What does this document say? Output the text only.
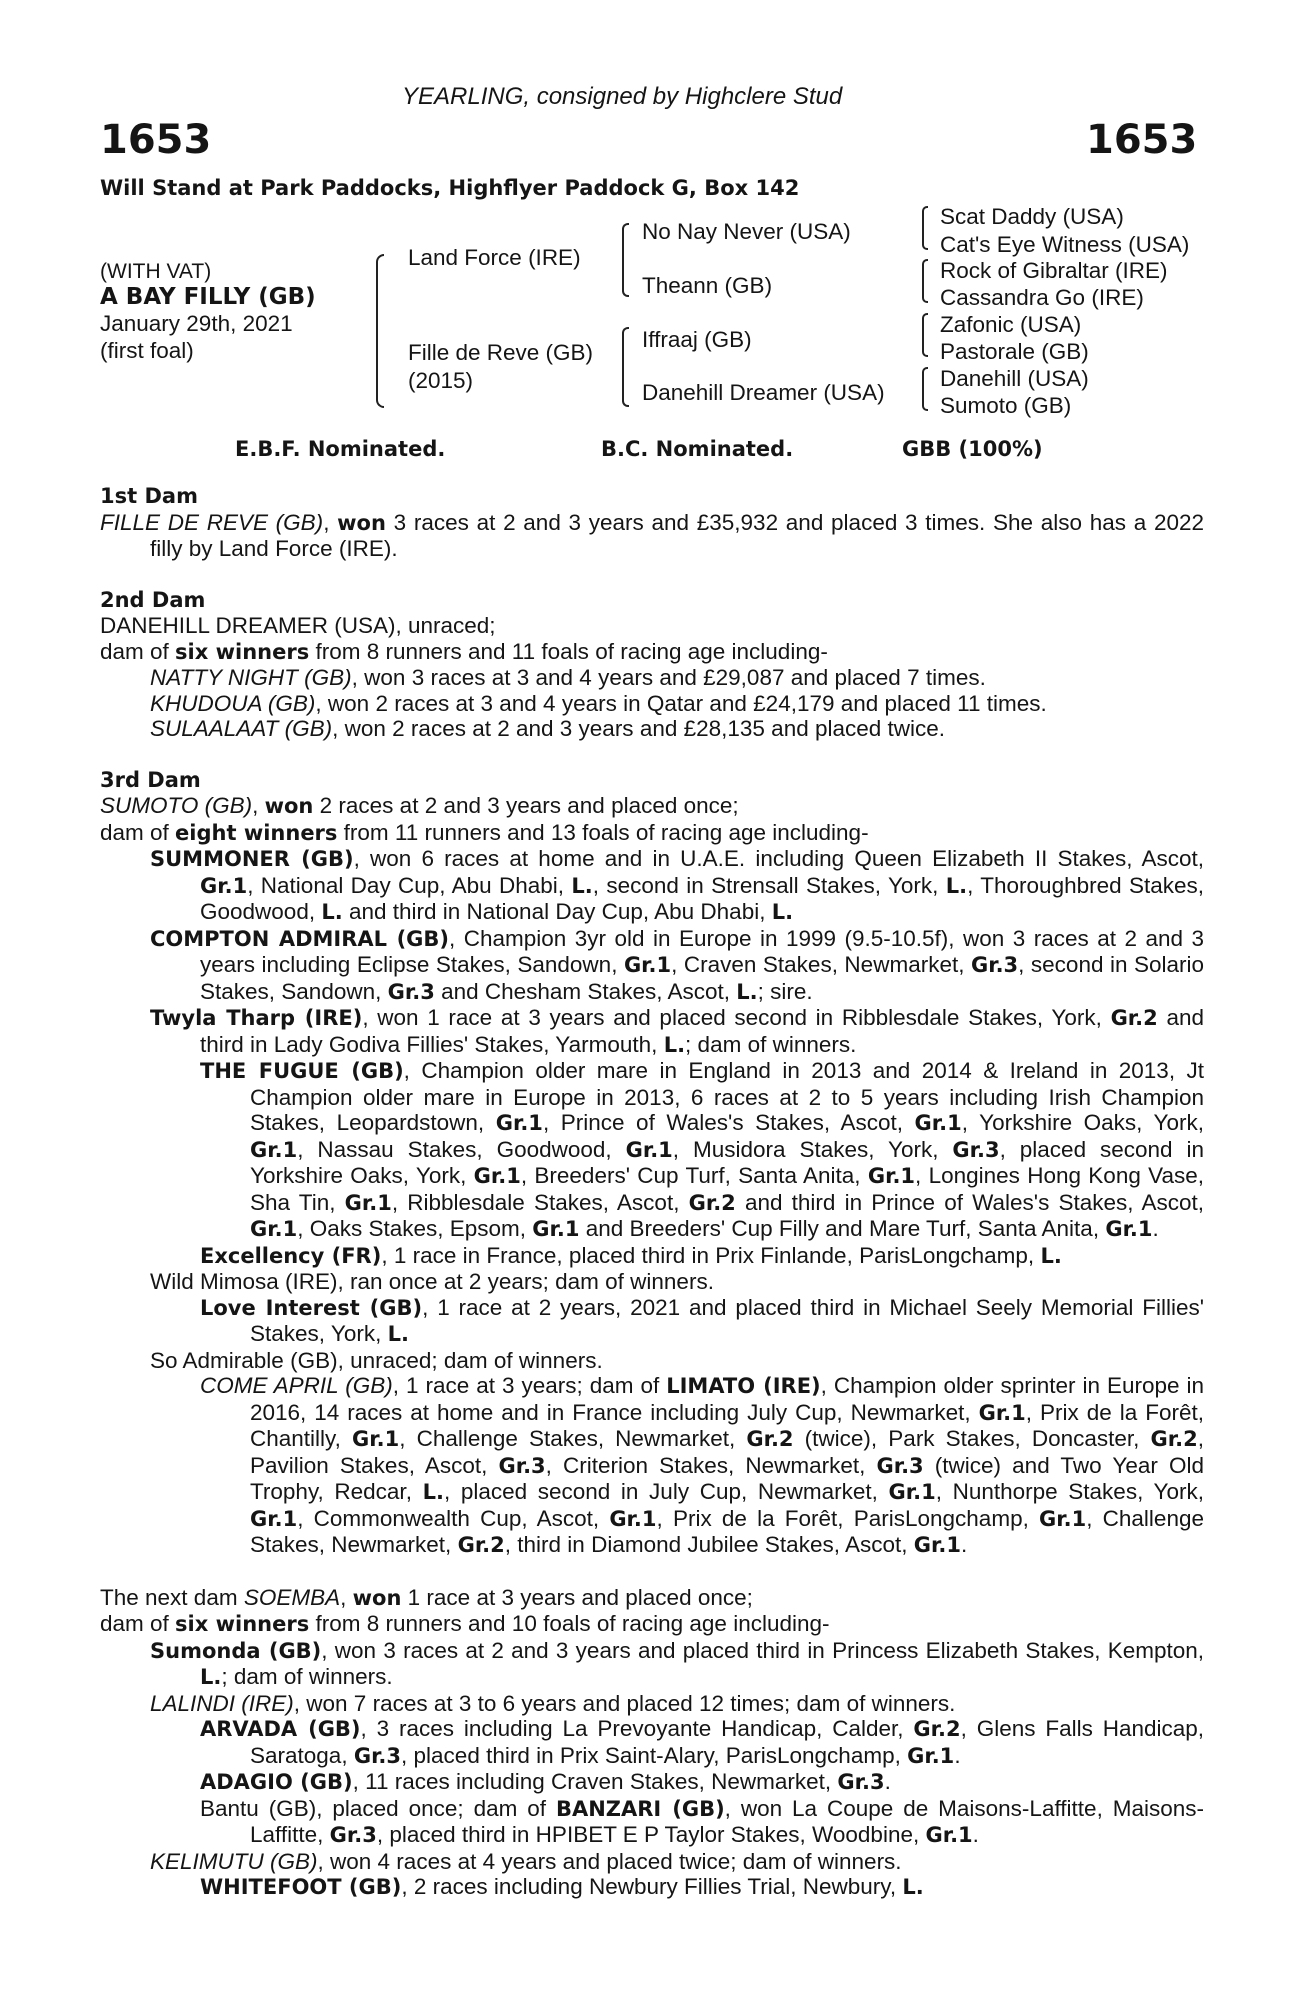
YEARLING, consigned by Highclere Stud
1653	1653
Will Stand at Park Paddocks, Highflyer Paddock G, Box 142
(WITH VAT)
A BAY FILLY (GB)
January 29th, 2021
(first foal)
Land Force (IRE)
Fille de Reve (GB)
(2015)
No Nay Never (USA)
Theann (GB)
Iffraaj (GB)
Danehill Dreamer (USA)
Scat Daddy (USA)
Cat's Eye Witness (USA)
Rock of Gibraltar (IRE)
Cassandra Go (IRE)
Zafonic (USA)
Pastorale (GB)
Danehill (USA)
Sumoto (GB)
E.B.F. Nominated.	B.C. Nominated.	GBB (100%)
1st Dam
FILLE DE REVE (GB), won 3 races at 2 and 3 years and £35,932 and placed 3 times. She also has a 2022 filly by Land Force (IRE).
2nd Dam
DANEHILL DREAMER (USA), unraced;
dam of six winners from 8 runners and 11 foals of racing age including-
NATTY NIGHT (GB), won 3 races at 3 and 4 years and £29,087 and placed 7 times.
KHUDOUA (GB), won 2 races at 3 and 4 years in Qatar and £24,179 and placed 11 times.
SULAALAAT (GB), won 2 races at 2 and 3 years and £28,135 and placed twice.
3rd Dam
SUMOTO (GB), won 2 races at 2 and 3 years and placed once;
dam of eight winners from 11 runners and 13 foals of racing age including-
SUMMONER (GB), won 6 races at home and in U.A.E. including Queen Elizabeth II Stakes, Ascot, Gr.1, National Day Cup, Abu Dhabi, L., second in Strensall Stakes, York, L., Thoroughbred Stakes, Goodwood, L. and third in National Day Cup, Abu Dhabi, L.
COMPTON ADMIRAL (GB), Champion 3yr old in Europe in 1999 (9.5-10.5f), won 3 races at 2 and 3 years including Eclipse Stakes, Sandown, Gr.1, Craven Stakes, Newmarket, Gr.3, second in Solario Stakes, Sandown, Gr.3 and Chesham Stakes, Ascot, L.; sire.
Twyla Tharp (IRE), won 1 race at 3 years and placed second in Ribblesdale Stakes, York, Gr.2 and third in Lady Godiva Fillies' Stakes, Yarmouth, L.; dam of winners.
THE FUGUE (GB), Champion older mare in England in 2013 and 2014 & Ireland in 2013, Jt Champion older mare in Europe in 2013, 6 races at 2 to 5 years including Irish Champion Stakes, Leopardstown, Gr.1, Prince of Wales's Stakes, Ascot, Gr.1, Yorkshire Oaks, York, Gr.1, Nassau Stakes, Goodwood, Gr.1, Musidora Stakes, York, Gr.3, placed second in Yorkshire Oaks, York, Gr.1, Breeders' Cup Turf, Santa Anita, Gr.1, Longines Hong Kong Vase, Sha Tin, Gr.1, Ribblesdale Stakes, Ascot, Gr.2 and third in Prince of Wales's Stakes, Ascot, Gr.1, Oaks Stakes, Epsom, Gr.1 and Breeders' Cup Filly and Mare Turf, Santa Anita, Gr.1.
Excellency (FR), 1 race in France, placed third in Prix Finlande, ParisLongchamp, L.
Wild Mimosa (IRE), ran once at 2 years; dam of winners.
Love Interest (GB), 1 race at 2 years, 2021 and placed third in Michael Seely Memorial Fillies' Stakes, York, L.
So Admirable (GB), unraced; dam of winners.
COME APRIL (GB), 1 race at 3 years; dam of LIMATO (IRE), Champion older sprinter in Europe in 2016, 14 races at home and in France including July Cup, Newmarket, Gr.1, Prix de la Forêt, Chantilly, Gr.1, Challenge Stakes, Newmarket, Gr.2 (twice), Park Stakes, Doncaster, Gr.2, Pavilion Stakes, Ascot, Gr.3, Criterion Stakes, Newmarket, Gr.3 (twice) and Two Year Old Trophy, Redcar, L., placed second in July Cup, Newmarket, Gr.1, Nunthorpe Stakes, York, Gr.1, Commonwealth Cup, Ascot, Gr.1, Prix de la Forêt, ParisLongchamp, Gr.1, Challenge Stakes, Newmarket, Gr.2, third in Diamond Jubilee Stakes, Ascot, Gr.1.
The next dam SOEMBA, won 1 race at 3 years and placed once;
dam of six winners from 8 runners and 10 foals of racing age including-
Sumonda (GB), won 3 races at 2 and 3 years and placed third in Princess Elizabeth Stakes, Kempton, L.; dam of winners.
LALINDI (IRE), won 7 races at 3 to 6 years and placed 12 times; dam of winners.
ARVADA (GB), 3 races including La Prevoyante Handicap, Calder, Gr.2, Glens Falls Handicap, Saratoga, Gr.3, placed third in Prix Saint-Alary, ParisLongchamp, Gr.1.
ADAGIO (GB), 11 races including Craven Stakes, Newmarket, Gr.3.
Bantu (GB), placed once; dam of BANZARI (GB), won La Coupe de Maisons-Laffitte, Maisons-Laffitte, Gr.3, placed third in HPIBET E P Taylor Stakes, Woodbine, Gr.1.
KELIMUTU (GB), won 4 races at 4 years and placed twice; dam of winners.
WHITEFOOT (GB), 2 races including Newbury Fillies Trial, Newbury, L.
